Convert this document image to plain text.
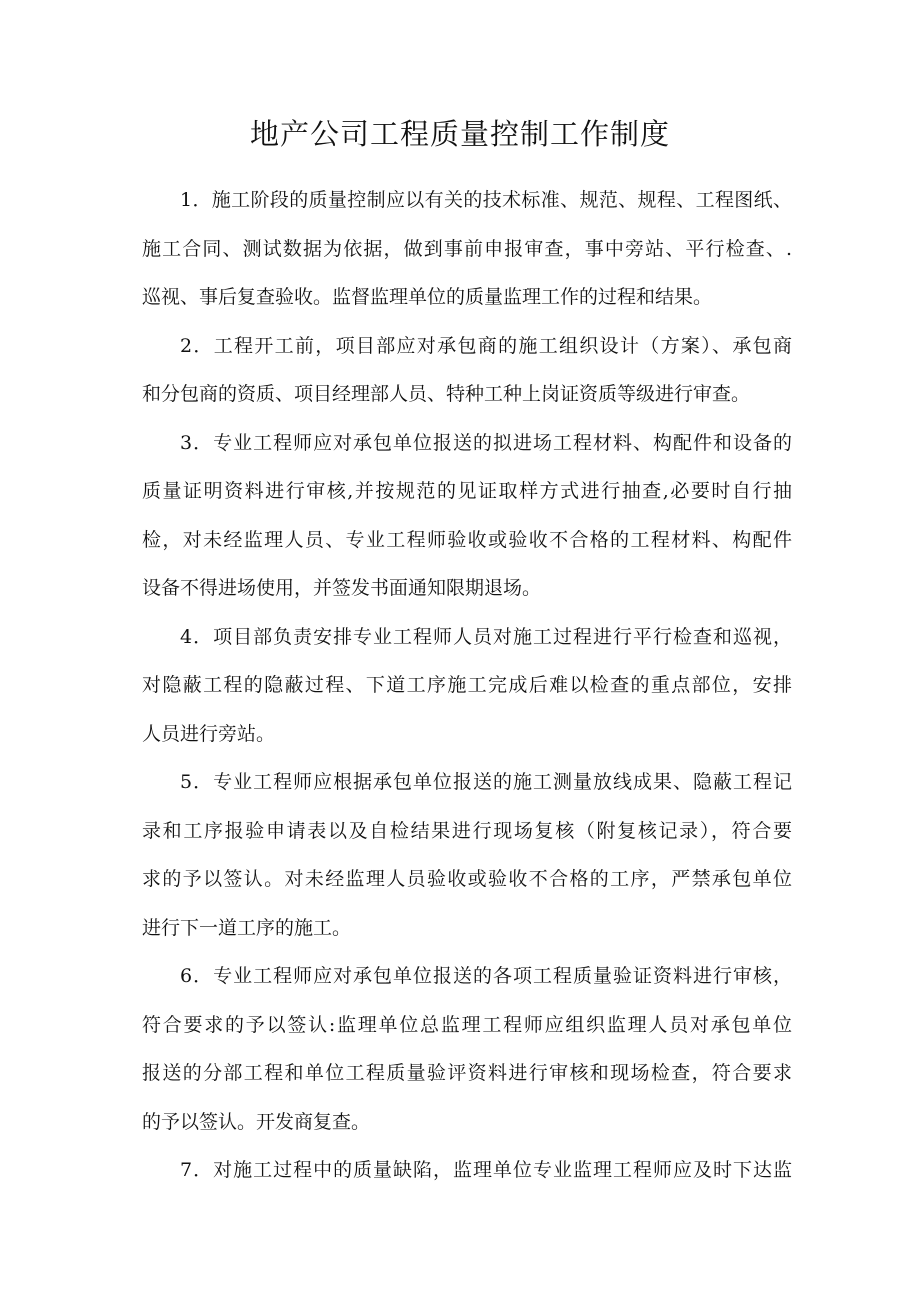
地产公司工程质量控制工作制度
1．施工阶段的质量控制应以有关的技术标准、规范、规程、工程图纸、
施工合同、测试数据为依据，做到事前申报审查，事中旁站、平行检查、.
巡视、事后复查验收。监督监理单位的质量监理工作的过程和结果。
2．工程开工前，项目部应对承包商的施工组织设计（方案）、承包商
和分包商的资质、项目经理部人员、特种工种上岗证资质等级进行审查。
3．专业工程师应对承包单位报送的拟进场工程材料、构配件和设备的
质量证明资料进行审核,并按规范的见证取样方式进行抽查,必要时自行抽
检，对未经监理人员、专业工程师验收或验收不合格的工程材料、构配件
设备不得进场使用，并签发书面通知限期退场。
4．项目部负责安排专业工程师人员对施工过程进行平行检查和巡视，
对隐蔽工程的隐蔽过程、下道工序施工完成后难以检查的重点部位，安排
人员进行旁站。
5．专业工程师应根据承包单位报送的施工测量放线成果、隐蔽工程记
录和工序报验申请表以及自检结果进行现场复核（附复核记录），符合要
求的予以签认。对未经监理人员验收或验收不合格的工序，严禁承包单位
进行下一道工序的施工。
6．专业工程师应对承包单位报送的各项工程质量验证资料进行审核，
符合要求的予以签认:监理单位总监理工程师应组织监理人员对承包单位
报送的分部工程和单位工程质量验评资料进行审核和现场检查，符合要求
的予以签认。开发商复查。
7．对施工过程中的质量缺陷，监理单位专业监理工程师应及时下达监
